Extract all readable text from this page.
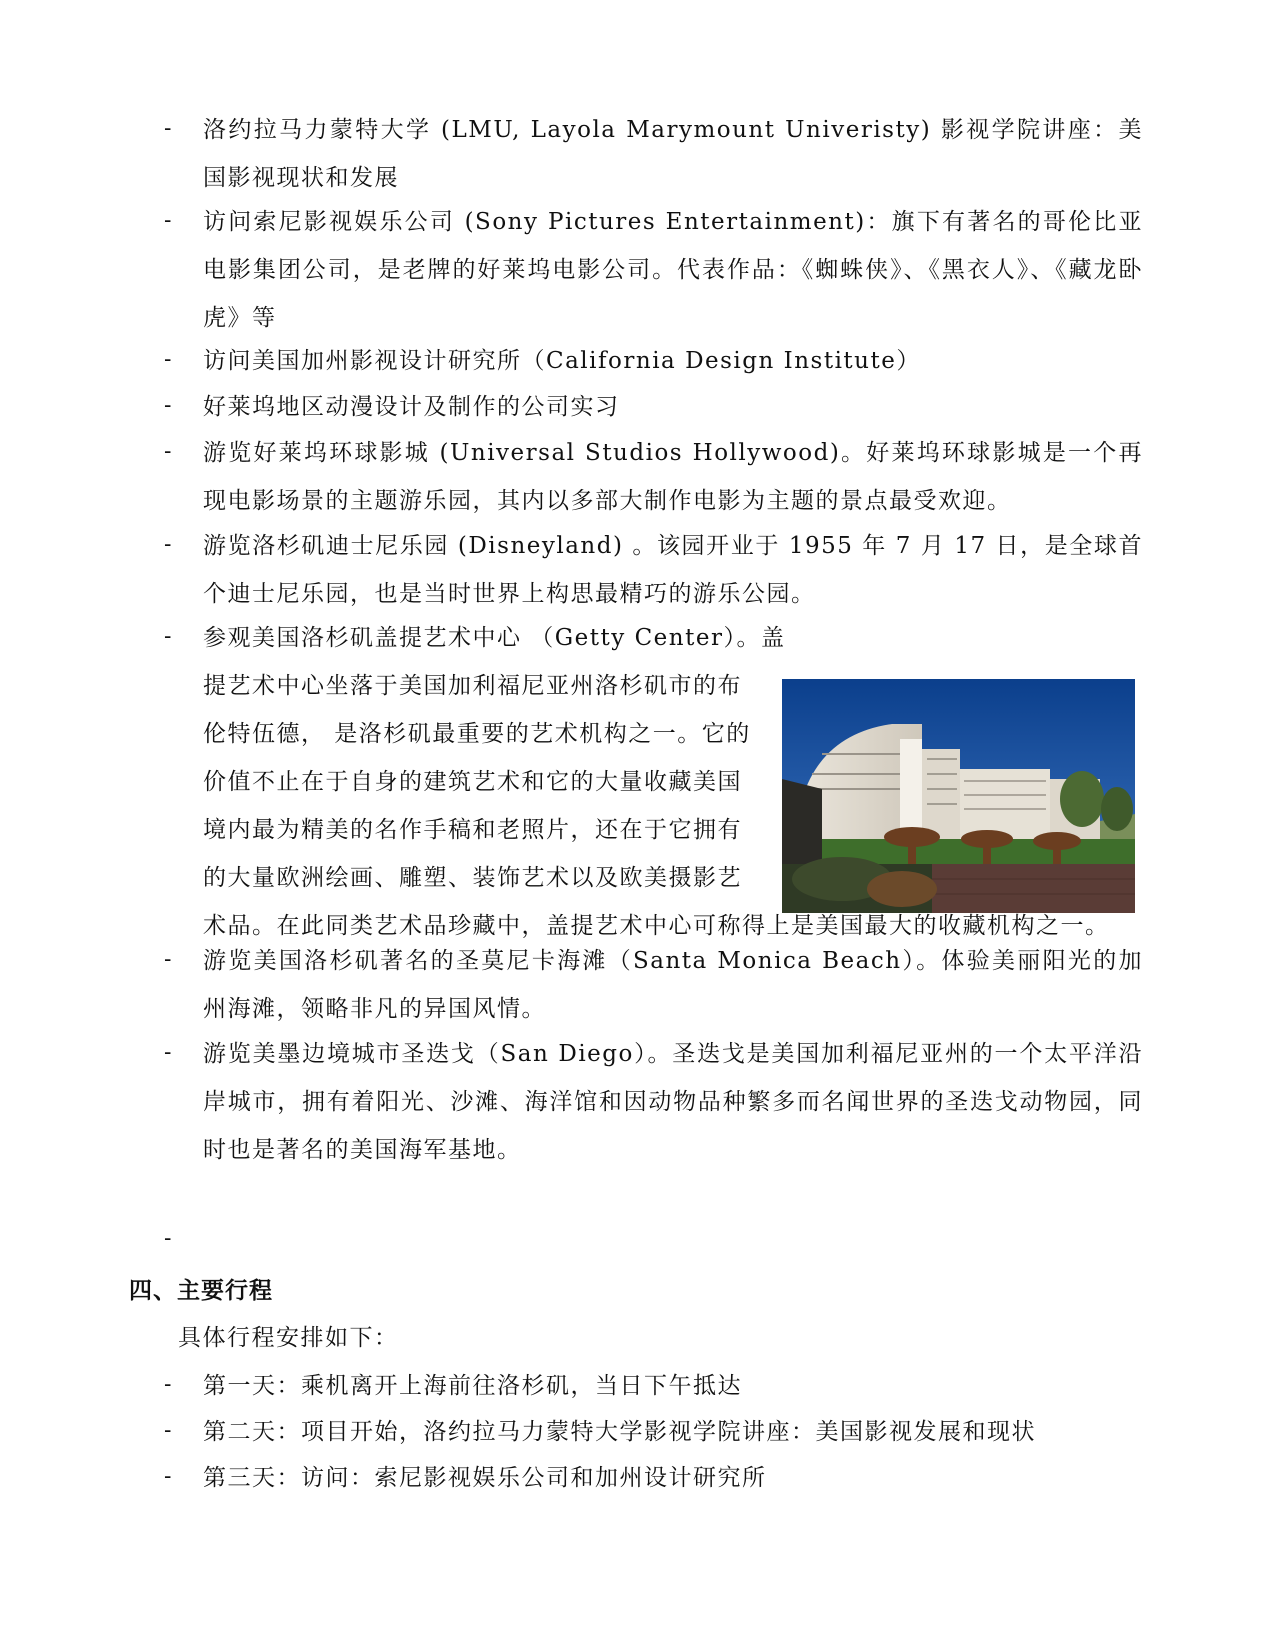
- 洛约拉马力蒙特大学 (LMU, Layola Marymount Univeristy) 影视学院讲座：美国影视现状和发展
- 访问索尼影视娱乐公司 (Sony Pictures Entertainment)：旗下有著名的哥伦比亚电影集团公司，是老牌的好莱坞电影公司。代表作品：《蜘蛛侠》、《黑衣人》、《藏龙卧虎》等
- 访问美国加州影视设计研究所（California Design Institute）
- 好莱坞地区动漫设计及制作的公司实习
- 游览好莱坞环球影城 (Universal Studios Hollywood)。好莱坞环球影城是一个再现电影场景的主题游乐园，其内以多部大制作电影为主题的景点最受欢迎。
- 游览洛杉矶迪士尼乐园 (Disneyland) 。该园开业于 1955 年 7 月 17 日，是全球首个迪士尼乐园，也是当时世界上构思最精巧的游乐公园。
- 参观美国洛杉矶盖提艺术中心 （Getty Center）。盖
提艺术中心坐落于美国加利福尼亚州洛杉矶市的布
伦特伍德， 是洛杉矶最重要的艺术机构之一。它的
价值不止在于自身的建筑艺术和它的大量收藏美国
境内最为精美的名作手稿和老照片，还在于它拥有
的大量欧洲绘画、雕塑、装饰艺术以及欧美摄影艺
术品。在此同类艺术品珍藏中，盖提艺术中心可称得上是美国最大的收藏机构之一。
- 游览美国洛杉矶著名的圣莫尼卡海滩（Santa Monica Beach）。体验美丽阳光的加州海滩，领略非凡的异国风情。
- 游览美墨边境城市圣迭戈（San Diego）。圣迭戈是美国加利福尼亚州的一个太平洋沿岸城市，拥有着阳光、沙滩、海洋馆和因动物品种繁多而名闻世界的圣迭戈动物园，同时也是著名的美国海军基地。
-
四、主要行程
具体行程安排如下：
- 第一天：乘机离开上海前往洛杉矶，当日下午抵达
- 第二天：项目开始，洛约拉马力蒙特大学影视学院讲座：美国影视发展和现状
- 第三天：访问：索尼影视娱乐公司和加州设计研究所
